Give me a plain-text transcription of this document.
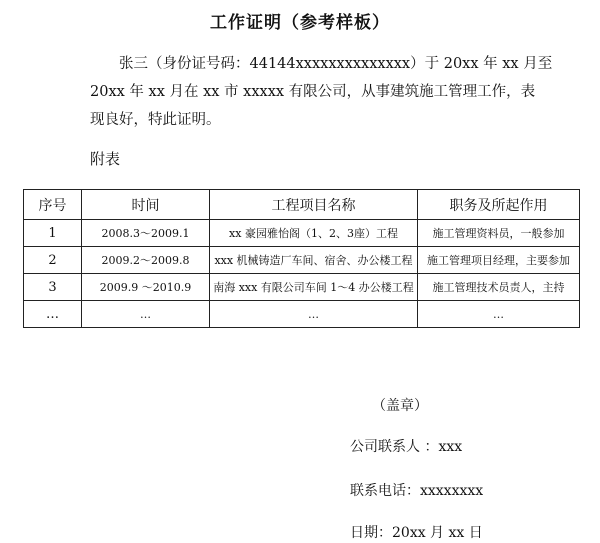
工作证明（参考样板）
张三（身份证号码：44144xxxxxxxxxxxxxx）于 20xx 年 xx 月至
20xx 年 xx 月在 xx 市 xxxxx 有限公司，从事建筑施工管理工作，表
现良好，特此证明。
附表
序号	时间	工程项目名称	职务及所起作用
1	2008.3～2009.1	xx 豪园雅怡阁（1、2、3座）工程	施工管理资料员，一般参加
2	2009.2～2009.8	xxx 机械铸造厂车间、宿舍、办公楼工程	施工管理项目经理，主要参加
3	2009.9 ～2010.9	南海 xxx 有限公司车间 1～4 办公楼工程	施工管理技术员责人，主持
…	…	…	…
（盖章）
公司联系人 ：xxx
联系电话：xxxxxxxx
日期：20xx 月 xx 日
